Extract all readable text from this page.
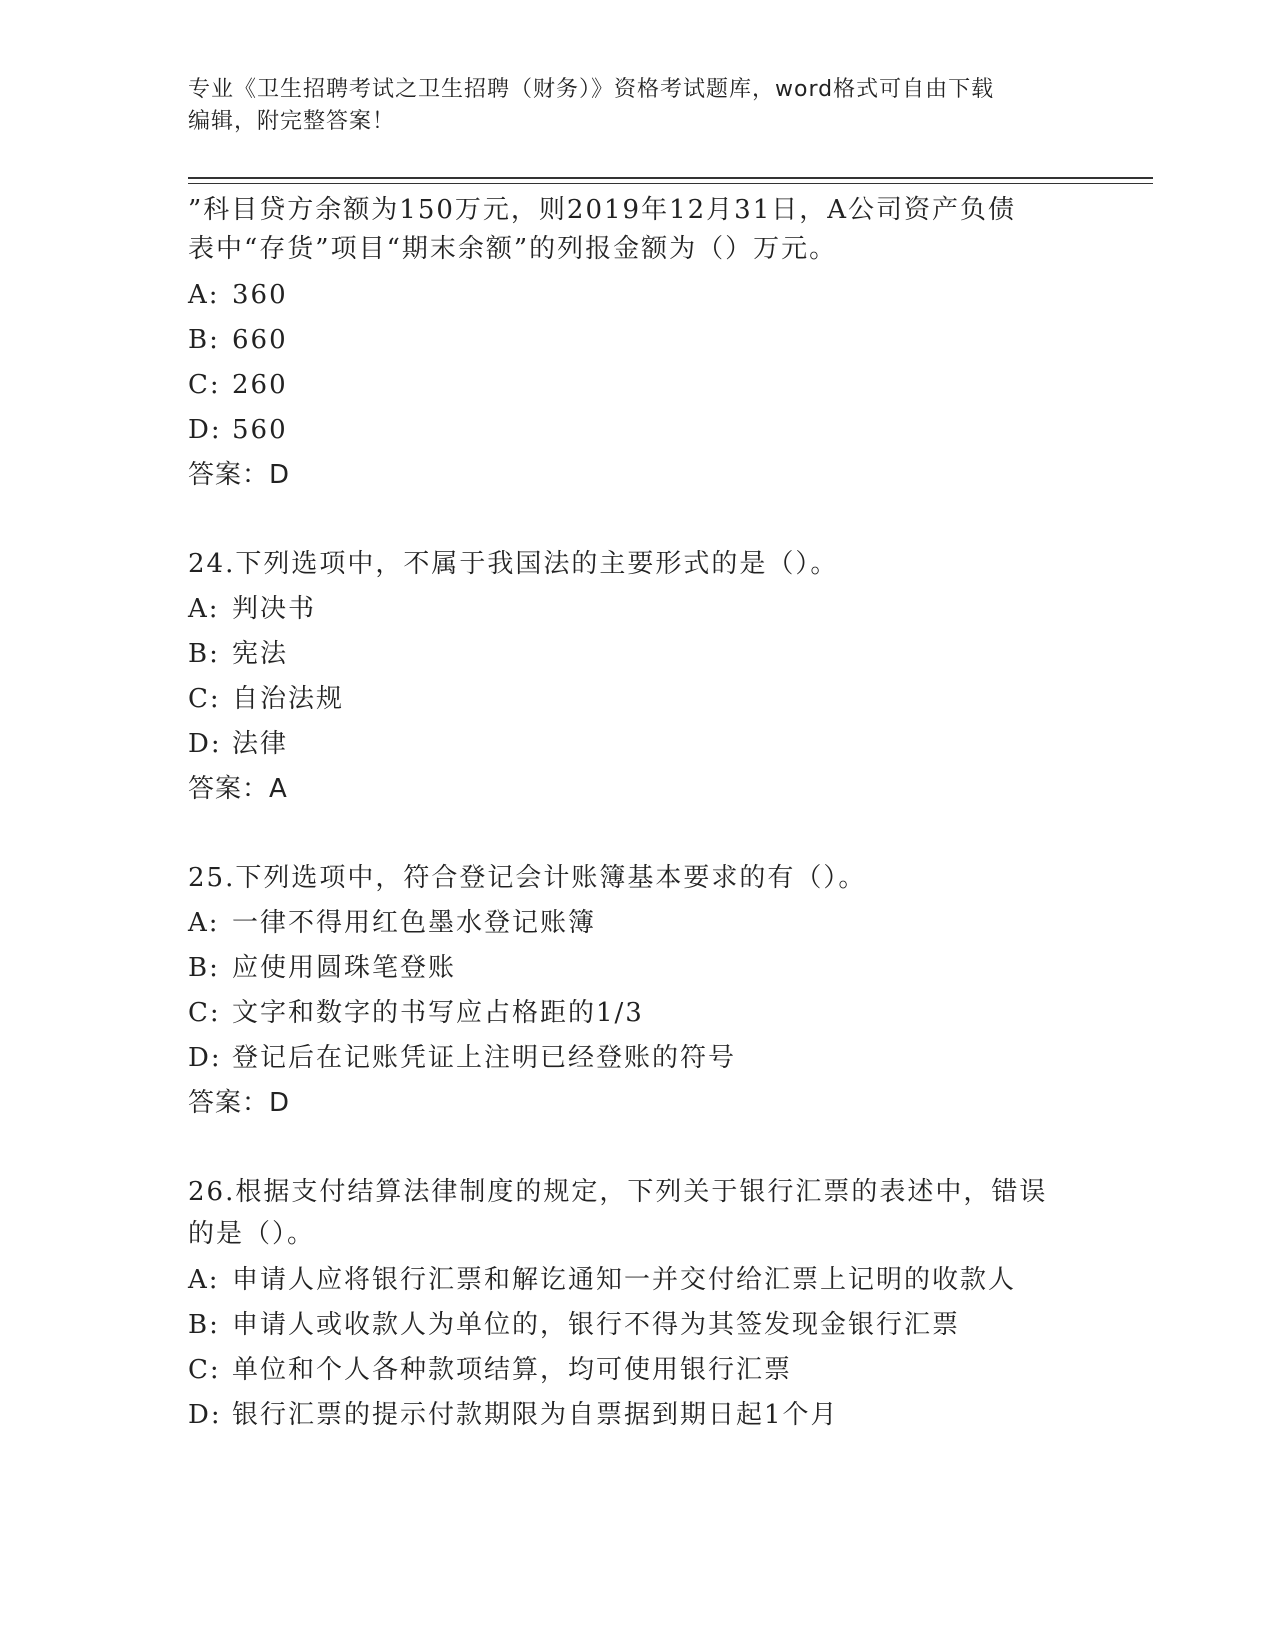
专业《卫生招聘考试之卫生招聘（财务）》资格考试题库，word格式可自由下载
编辑，附完整答案！
”科目贷方余额为150万元，则2019年12月31日，A公司资产负债
表中“存货”项目“期末余额”的列报金额为（）万元。
A: 360
B: 660
C: 260
D: 560
答案：D
24.下列选项中，不属于我国法的主要形式的是（）。
A: 判决书
B: 宪法
C: 自治法规
D: 法律
答案：A
25.下列选项中，符合登记会计账簿基本要求的有（）。
A: 一律不得用红色墨水登记账簿
B: 应使用圆珠笔登账
C: 文字和数字的书写应占格距的1/3
D: 登记后在记账凭证上注明已经登账的符号
答案：D
26.根据支付结算法律制度的规定，下列关于银行汇票的表述中，错误
的是（）。
A: 申请人应将银行汇票和解讫通知一并交付给汇票上记明的收款人
B: 申请人或收款人为单位的，银行不得为其签发现金银行汇票
C: 单位和个人各种款项结算，均可使用银行汇票
D: 银行汇票的提示付款期限为自票据到期日起1个月
